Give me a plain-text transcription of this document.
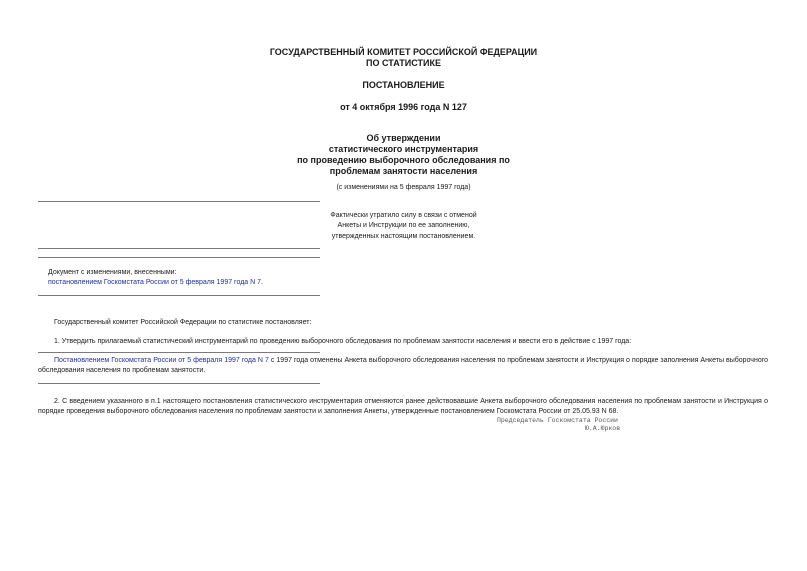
ГОСУДАРСТВЕННЫЙ КОМИТЕТ РОССИЙСКОЙ ФЕДЕРАЦИИ
ПО СТАТИСТИКЕ
ПОСТАНОВЛЕНИЕ
от 4 октября 1996 года N 127
Об утверждении
статистического инструментария
по проведению выборочного обследования по
проблемам занятости населения
(с изменениями на 5 февраля 1997 года)
Фактически утратило силу в связи с отменой
Анкеты и Инструкции по ее заполнению,
утвержденных настоящим постановлением.
Документ с изменениями, внесенными:
постановлением Госкомстата России от 5 февраля 1997 года N 7.
Государственный комитет Российской Федерации по статистике постановляет:
1. Утвердить прилагаемый статистический инструментарий по проведению выборочного обследования по проблемам занятости населения и ввести его в действие с 1997 года:
Постановлением Госкомстата России от 5 февраля 1997 года N 7 с 1997 года отменены Анкета выборочного обследования населения по проблемам занятости и Инструкция о порядке заполнения Анкеты выборочного обследования населения по проблемам занятости.
2. С введением указанного в п.1 настоящего постановления статистического инструментария отменяются ранее действовавшие Анкета выборочного обследования населения по проблемам занятости и Инструкция о порядке проведения выборочного обследования населения по проблемам занятости и заполнения Анкеты, утвержденные постановлением Госкомстата России от 25.05.93 N 68.
Председатель Госкомстата России
Ю.А.Юрков
